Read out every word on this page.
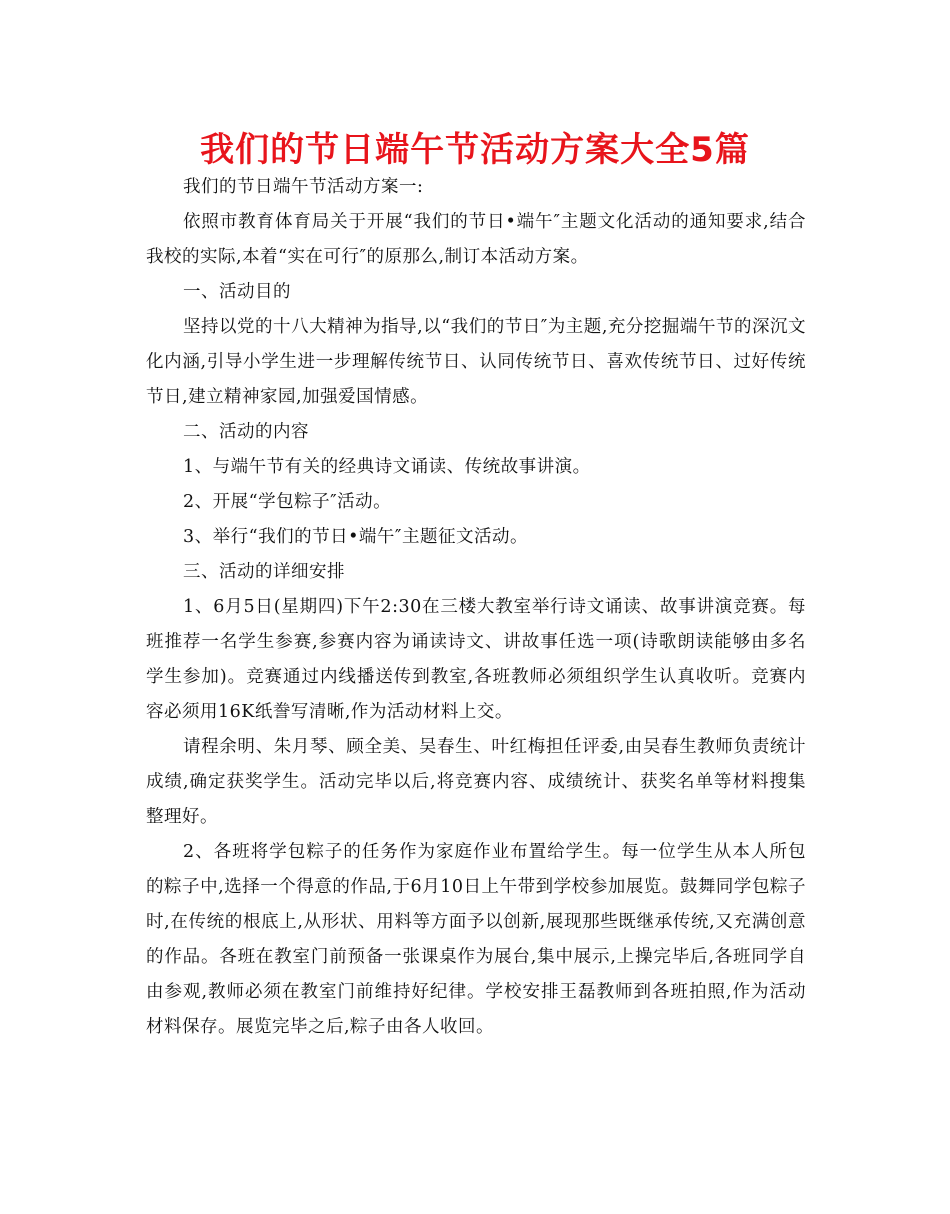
我们的节日端午节活动方案大全5篇

我们的节日端午节活动方案一:

依照市教育体育局关于开展“我们的节日•端午″主题文化活动的通知要求,结合我校的实际,本着“实在可行″的原那么,制订本活动方案。

一、活动目的

坚持以党的十八大精神为指导,以“我们的节日″为主题,充分挖掘端午节的深沉文化内涵,引导小学生进一步理解传统节日、认同传统节日、喜欢传统节日、过好传统节日,建立精神家园,加强爱国情感。

二、活动的内容

1、与端午节有关的经典诗文诵读、传统故事讲演。

2、开展“学包粽子″活动。

3、举行“我们的节日•端午″主题征文活动。

三、活动的详细安排

1、6月5日(星期四)下午2:30在三楼大教室举行诗文诵读、故事讲演竞赛。每班推荐一名学生参赛,参赛内容为诵读诗文、讲故事任选一项(诗歌朗读能够由多名学生参加)。竞赛通过内线播送传到教室,各班教师必须组织学生认真收听。竞赛内容必须用16K纸誊写清晰,作为活动材料上交。

请程余明、朱月琴、顾全美、吴春生、叶红梅担任评委,由吴春生教师负责统计成绩,确定获奖学生。活动完毕以后,将竞赛内容、成绩统计、获奖名单等材料搜集整理好。

2、各班将学包粽子的任务作为家庭作业布置给学生。每一位学生从本人所包的粽子中,选择一个得意的作品,于6月10日上午带到学校参加展览。鼓舞同学包粽子时,在传统的根底上,从形状、用料等方面予以创新,展现那些既继承传统,又充满创意的作品。各班在教室门前预备一张课桌作为展台,集中展示,上操完毕后,各班同学自由参观,教师必须在教室门前维持好纪律。学校安排王磊教师到各班拍照,作为活动材料保存。展览完毕之后,粽子由各人收回。
